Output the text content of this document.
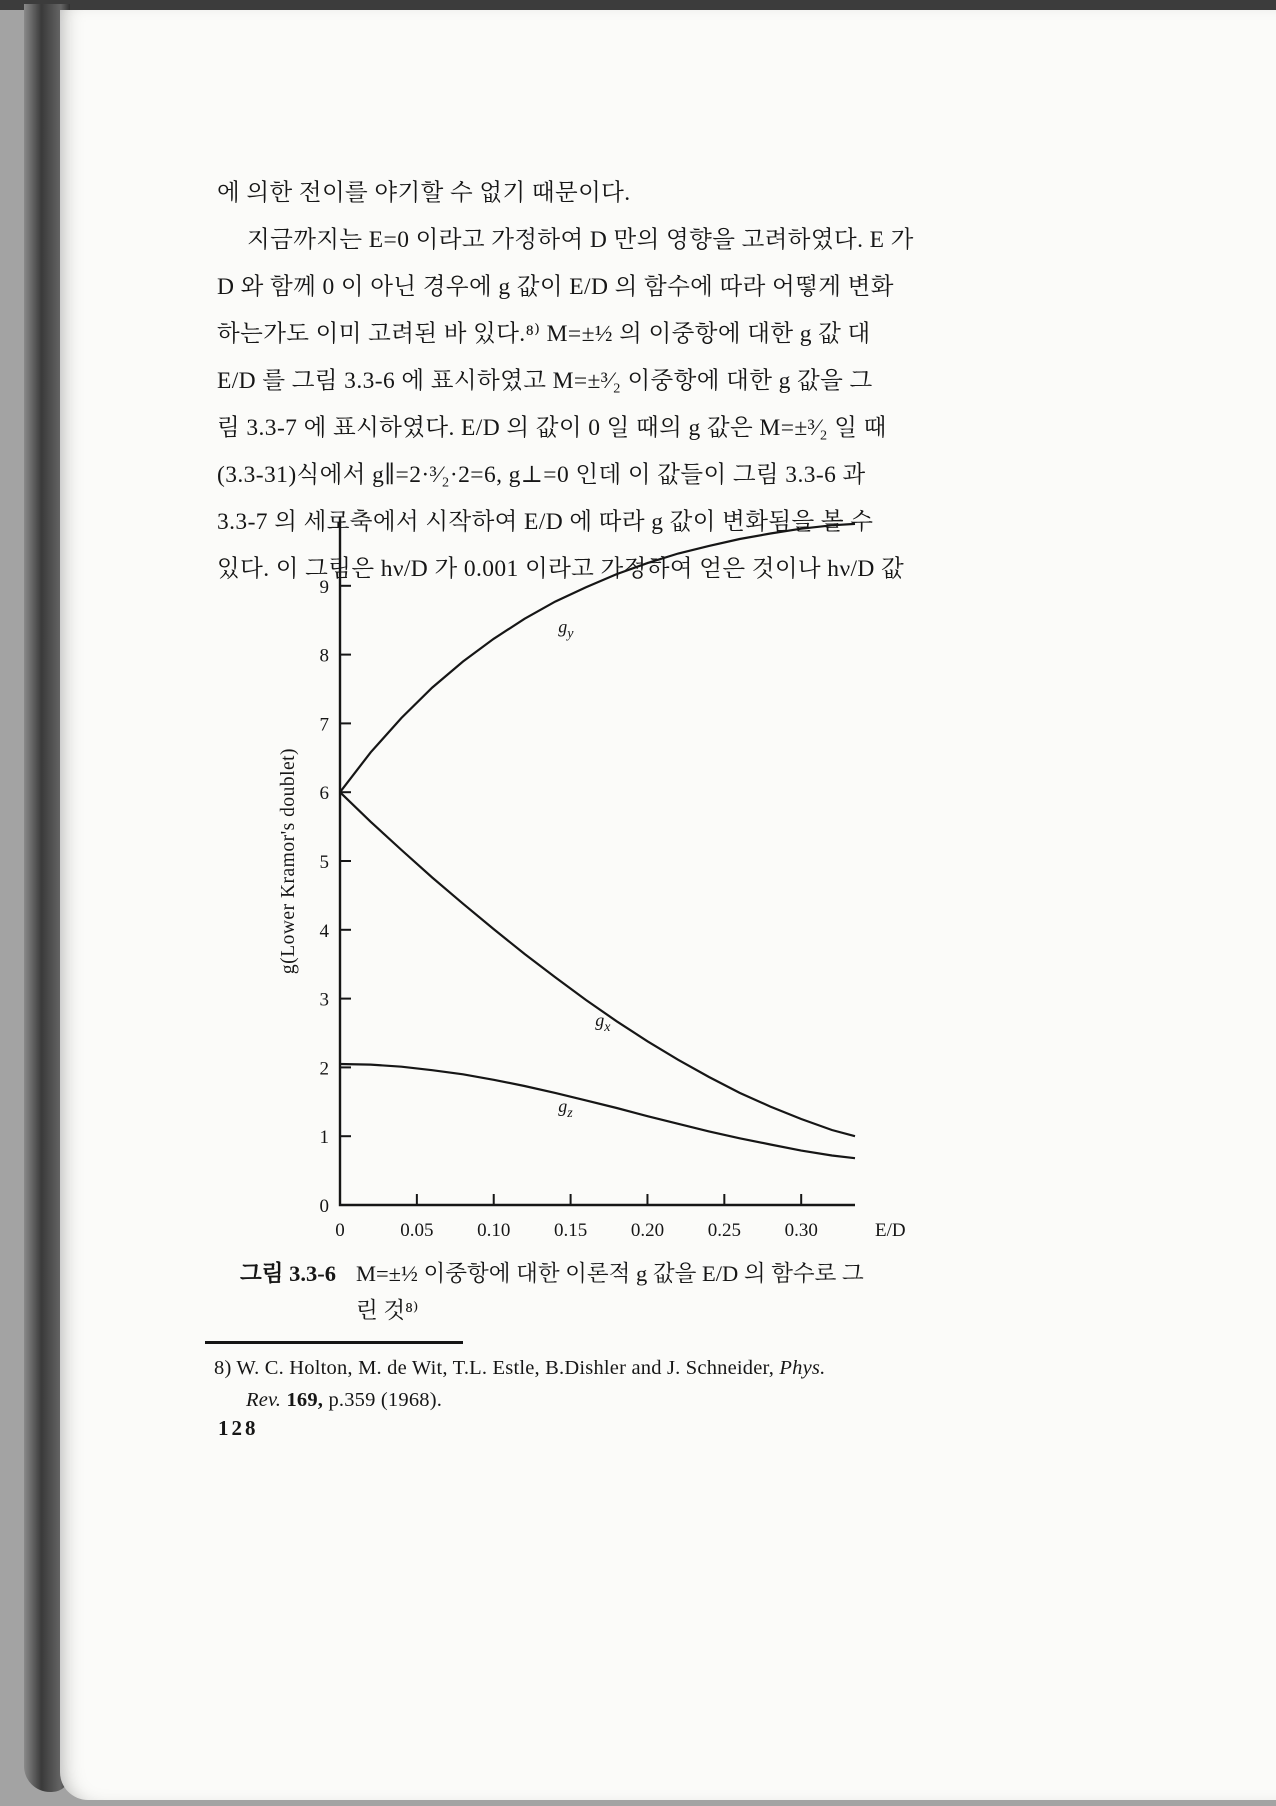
에 의한 전이를 야기할 수 없기 때문이다.
지금까지는 E=0 이라고 가정하여 D 만의 영향을 고려하였다. E 가
D 와 함께 0 이 아닌 경우에 g 값이 E/D 의 함수에 따라 어떻게 변화
하는가도 이미 고려된 바 있다.⁸⁾ M=±½ 의 이중항에 대한 g 값 대
E/D 를 그림 3.3-6 에 표시하였고 M=±³⁄₂ 이중항에 대한 g 값을 그
림 3.3-7 에 표시하였다. E/D 의 값이 0 일 때의 g 값은 M=±³⁄₂ 일 때
(3.3-31)식에서 g∥=2·³⁄₂·2=6, g⊥=0 인데 이 값들이 그림 3.3-6 과
3.3-7 의 세로축에서 시작하여 E/D 에 따라 g 값이 변화됨을 볼 수
있다. 이 그림은 hν/D 가 0.001 이라고 가정하여 얻은 것이나 hν/D 값
0
1
2
3
4
5
6
7
8
9
0	0.05 0.10 0.15 0.20 0.25 0.30	E/D
g(Lower Kramor's doublet)
$g_y$
$g_x$
$g_z$
그림 3.3-6 M=±½ 이중항에 대한 이론적 g 값을 E/D 의 함수로 그
린 것⁸⁾
8) W. C. Holton, M. de Wit, T.L. Estle, B.Dishler and J. Schneider, Phys.
Rev. 169, p.359 (1968).
128
